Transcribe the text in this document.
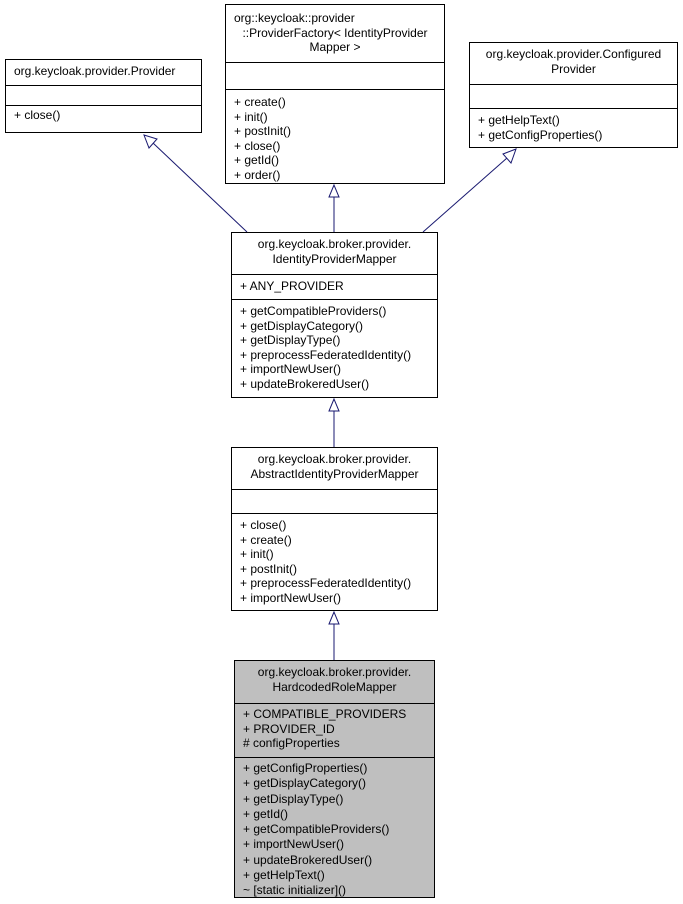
org.keycloak.provider.Provider
+ close()
org::keycloak::provider
::ProviderFactory< IdentityProvider
Mapper >
+ create()
+ init()
+ postInit()
+ close()
+ getId()
+ order()
org.keycloak.provider.Configured
Provider
+ getHelpText()
+ getConfigProperties()
org.keycloak.broker.provider.
IdentityProviderMapper
+ ANY_PROVIDER
+ getCompatibleProviders()
+ getDisplayCategory()
+ getDisplayType()
+ preprocessFederatedIdentity()
+ importNewUser()
+ updateBrokeredUser()
org.keycloak.broker.provider.
AbstractIdentityProviderMapper
+ close()
+ create()
+ init()
+ postInit()
+ preprocessFederatedIdentity()
+ importNewUser()
org.keycloak.broker.provider.
HardcodedRoleMapper
+ COMPATIBLE_PROVIDERS
+ PROVIDER_ID
# configProperties
+ getConfigProperties()
+ getDisplayCategory()
+ getDisplayType()
+ getId()
+ getCompatibleProviders()
+ importNewUser()
+ updateBrokeredUser()
+ getHelpText()
~ [static initializer]()
